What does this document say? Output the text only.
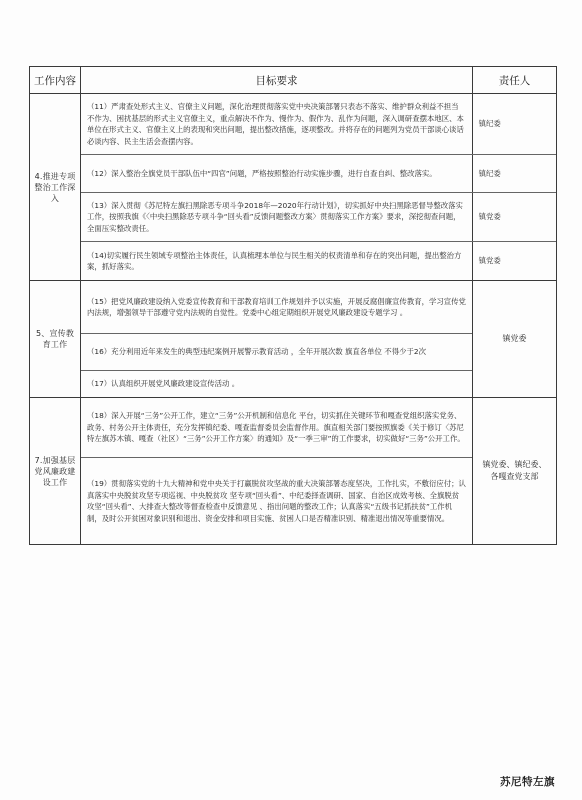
工作内容	目标要求	责任人
4.推进专项整治工作深入	
（11）严肃查处形式主义、官僚主义问题，深化治理贯彻落实党中央决策部署只表态不落实、维护群众利益不担当不作为、困扰基层的形式主义官僚主义，重点解决不作为、慢作为、假作为、乱作为问题，深入调研查摆本地区、本单位在形式主义、官僚主义上的表现和突出问题，提出整改措施，逐项整改。并将存在的问题列为党员干部谈心谈话必谈内容、民主生活会查摆内容。	镇纪委
（12）深入整治全旗党员干部队伍中“四官”问题，严格按照整治行动实施步骤，进行自查自纠、整改落实。	镇纪委
（13）深入贯彻《苏尼特左旗扫黑除恶专项斗争2018年—2020年行动计划》，切实抓好中央扫黑除恶督导整改落实工作，按照我旗《〈中央扫黑除恶专项斗争“回头看”反馈问题整改方案〉贯彻落实工作方案》要求，深挖彻查问题，全面压实整改责任。	镇党委
（14)切实履行民生领域专项整治主体责任，认真梳理本单位与民生相关的权责清单和存在的突出问题，提出整治方案，抓好落实。	镇党委

5、宣传教育工作	
（15）把党风廉政建设纳入党委宣传教育和干部教育培训工作规划并予以实施，开展反腐倡廉宣传教育，学习宣传党内法规，增强领导干部遵守党内法规的自觉性。党委中心组定期组织开展党风廉政建设专题学习 。
（16）充分利用近年来发生的典型违纪案例开展警示教育活动 ，全年开展次数 旗直各单位 不得少于2次
（17）认真组织开展党风廉政建设宣传活动 。
	镇党委
7.加强基层党风廉政建设工作	
（18）深入开展“三务”公开工作，建立“三务”公开机制和信息化 平台，切实抓住关键环节和嘎查党组织落实党务、政务、村务公开主体责任，充分发挥镇纪委、嘎查监督委员会监督作用。旗直相关部门要按照旗委《关于修订〈苏尼特左旗苏木镇、嘎查（社区）“三务”公开工作方案〉的通知》及“一季三审”的工作要求，切实做好“三务”公开工作。
（19）贯彻落实党的十九大精神和党中央关于打赢脱贫攻坚战的重大决策部署态度坚决，工作扎实，不敷衍应付；认真落实中央脱贫攻坚专项巡视、中央脱贫攻 坚专项“回头看”、中纪委择查调研、国家、自治区成效考核、全旗脱贫攻坚“回头看”、大排查大整改等督查检查中反馈意见 、指出问题的整改工作；认真落实“五级书记抓扶贫”工作机制，及时公开贫困对象识别和退出、资金安排和项目实施、贫困人口是否精准识别、精准退出情况等重要情况。
	镇党委、镇纪委、各嘎查党支部
苏尼特左旗
